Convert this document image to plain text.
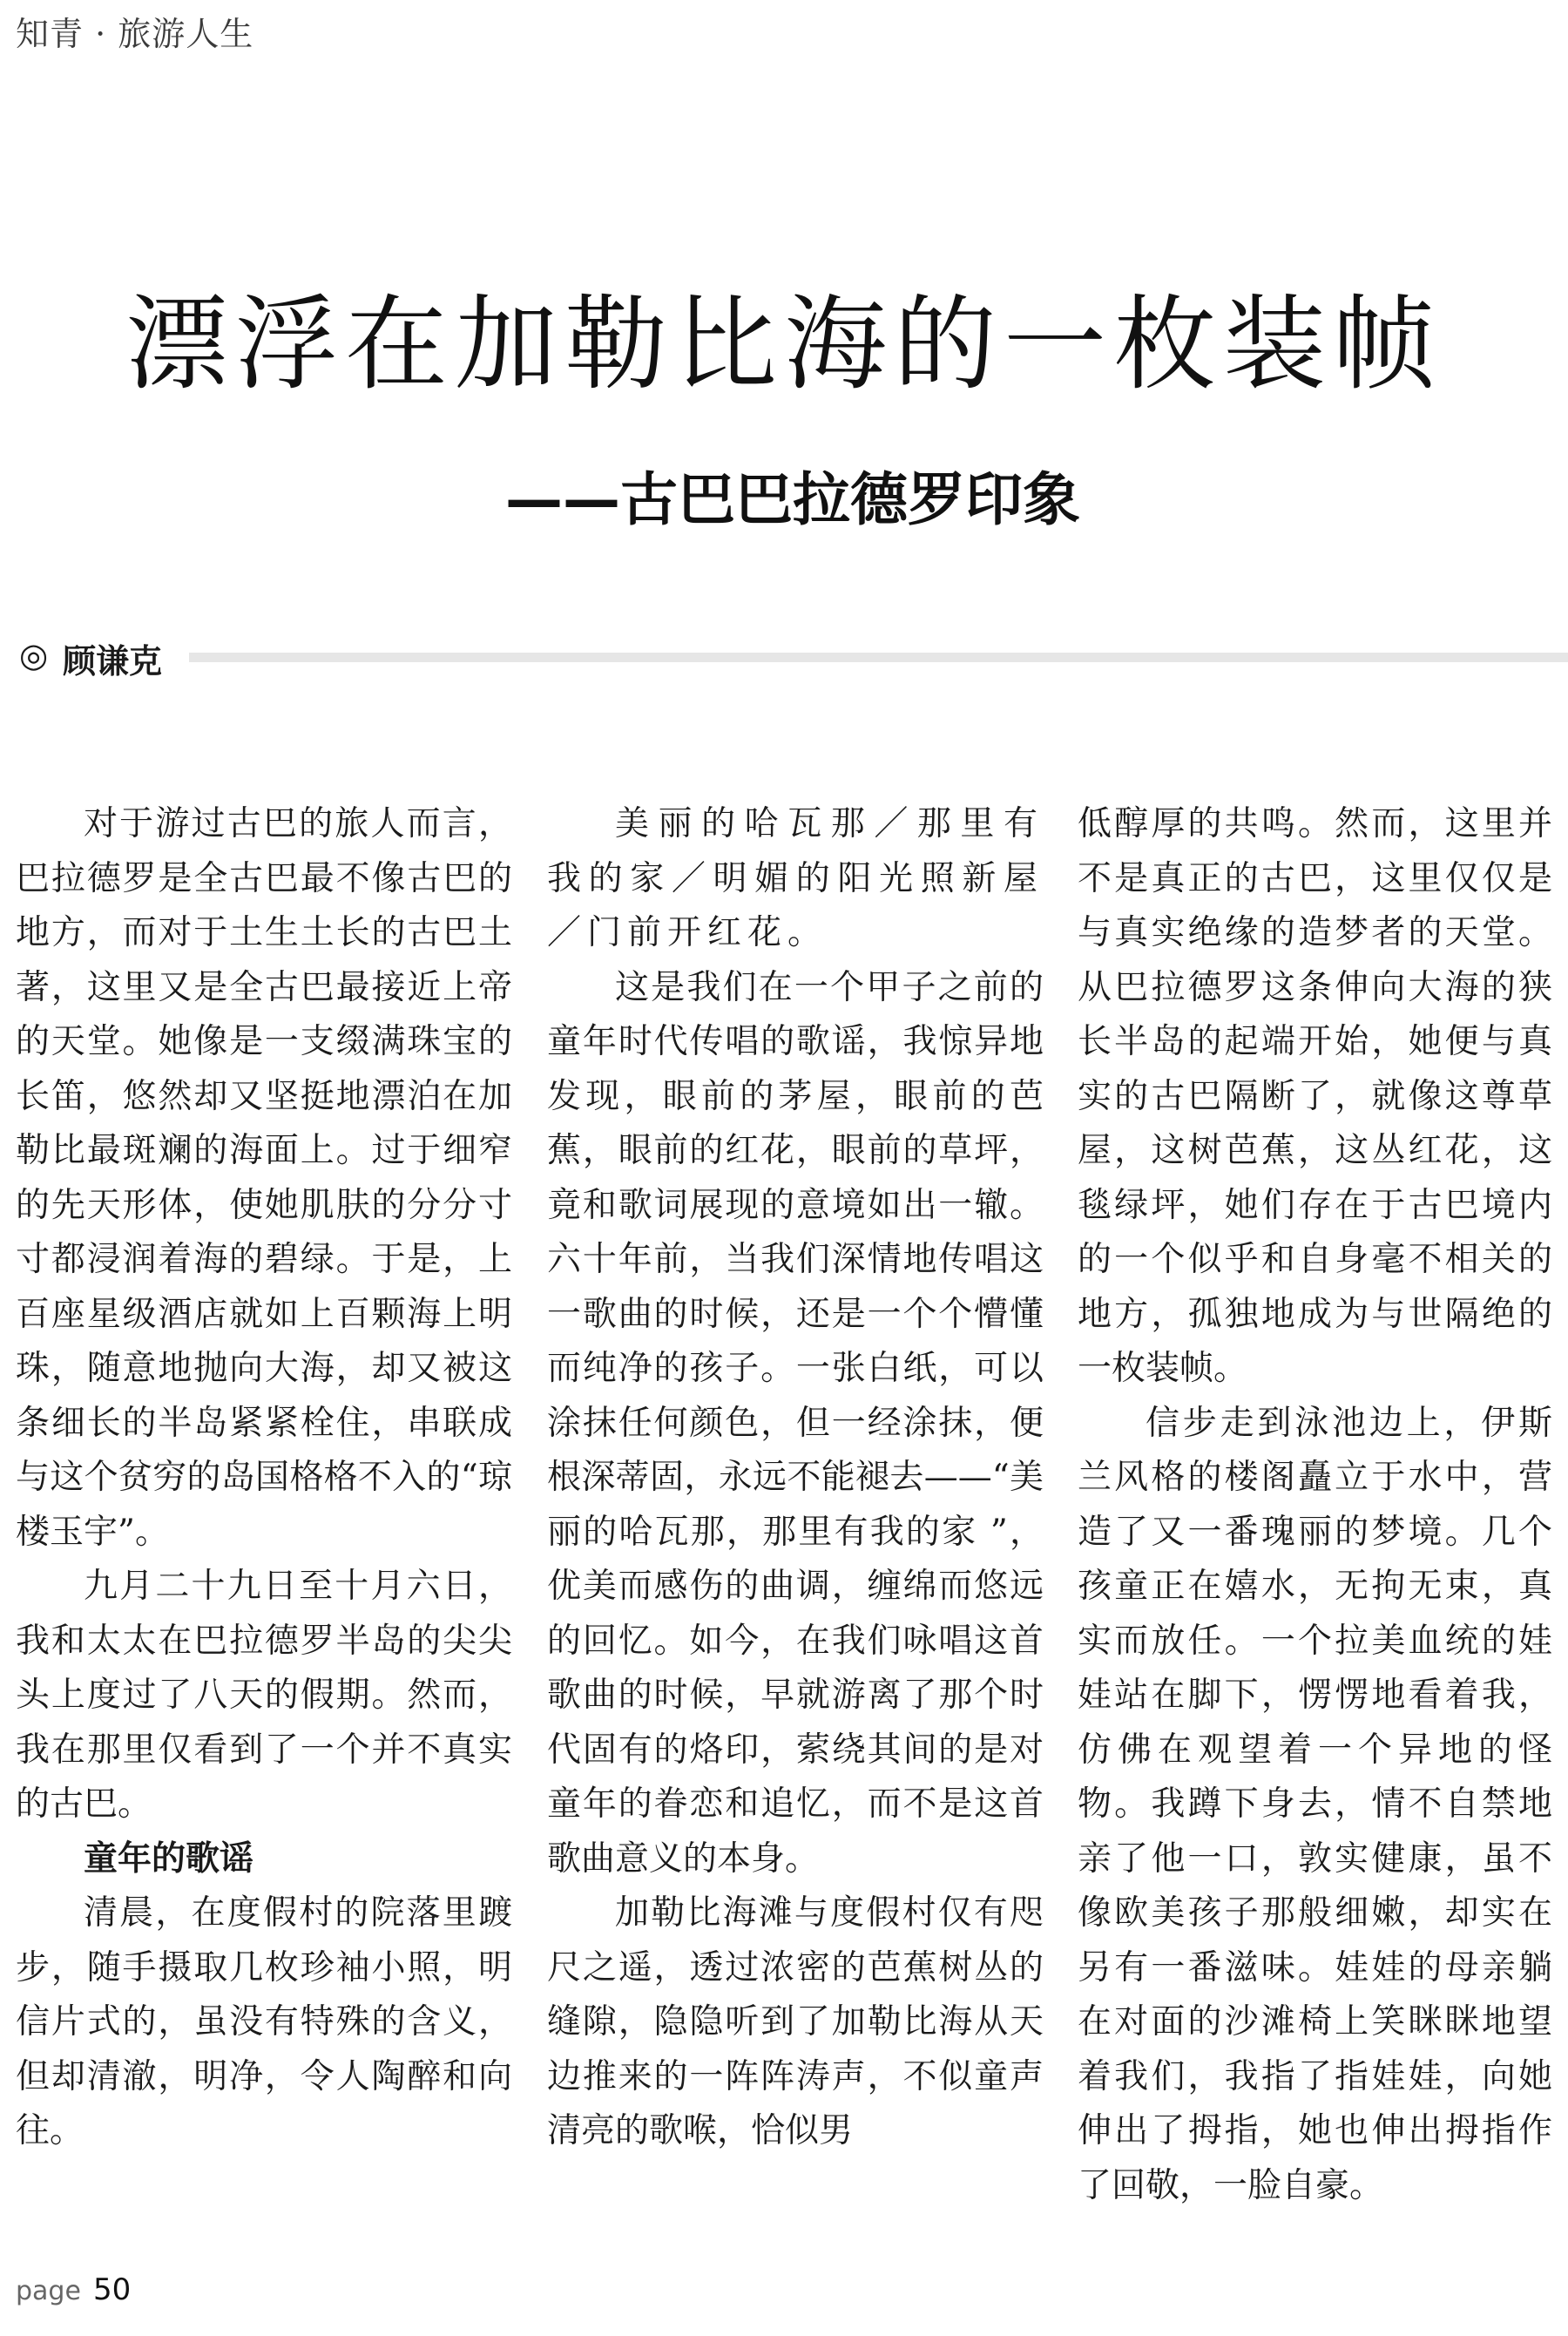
知青 · 旅游人生
漂浮在加勒比海的一枚装帧
——古巴巴拉德罗印象
◎ 顾谦克

对于游过古巴的旅人而言，巴拉德罗是全古巴最不像古巴的地方，而对于土生土长的古巴土著，这里又是全古巴最接近上帝的天堂。她像是一支缀满珠宝的长笛，悠然却又坚挺地漂泊在加勒比最斑斓的海面上。过于细窄的先天形体，使她肌肤的分分寸寸都浸润着海的碧绿。于是，上百座星级酒店就如上百颗海上明珠，随意地抛向大海，却又被这条细长的半岛紧紧栓住，串联成与这个贫穷的岛国格格不入的“琼楼玉宇”。

九月二十九日至十月六日，我和太太在巴拉德罗半岛的尖尖头上度过了八天的假期。然而，我在那里仅看到了一个并不真实的古巴。

童年的歌谣

清晨，在度假村的院落里踱步，随手摄取几枚珍袖小照，明信片式的，虽没有特殊的含义，但却清澈，明净，令人陶醉和向往。

美丽的哈瓦那／那里有我的家／明媚的阳光照新屋／门前开红花。

这是我们在一个甲子之前的童年时代传唱的歌谣，我惊异地发现，眼前的茅屋，眼前的芭蕉，眼前的红花，眼前的草坪，竟和歌词展现的意境如出一辙。六十年前，当我们深情地传唱这一歌曲的时候，还是一个个懵懂而纯净的孩子。一张白纸，可以涂抹任何颜色，但一经涂抹，便根深蒂固，永远不能褪去——“美丽的哈瓦那，那里有我的家 ”，优美而感伤的曲调，缠绵而悠远的回忆。如今，在我们咏唱这首歌曲的时候，早就游离了那个时代固有的烙印，萦绕其间的是对童年的眷恋和追忆，而不是这首歌曲意义的本身。

加勒比海滩与度假村仅有咫尺之遥，透过浓密的芭蕉树丛的缝隙，隐隐听到了加勒比海从天边推来的一阵阵涛声，不似童声清亮的歌喉，恰似男

低醇厚的共鸣。然而，这里并不是真正的古巴，这里仅仅是与真实绝缘的造梦者的天堂。从巴拉德罗这条伸向大海的狭长半岛的起端开始，她便与真实的古巴隔断了，就像这尊草屋，这树芭蕉，这丛红花，这毯绿坪，她们存在于古巴境内的一个似乎和自身毫不相关的地方，孤独地成为与世隔绝的一枚装帧。

信步走到泳池边上，伊斯兰风格的楼阁矗立于水中，营造了又一番瑰丽的梦境。几个孩童正在嬉水，无拘无束，真实而放任。一个拉美血统的娃娃站在脚下，愣愣地看着我，仿佛在观望着一个异地的怪物。我蹲下身去，情不自禁地亲了他一口，敦实健康，虽不像欧美孩子那般细嫩，却实在另有一番滋味。娃娃的母亲躺在对面的沙滩椅上笑眯眯地望着我们，我指了指娃娃，向她伸出了拇指，她也伸出拇指作了回敬，一脸自豪。

page 50
